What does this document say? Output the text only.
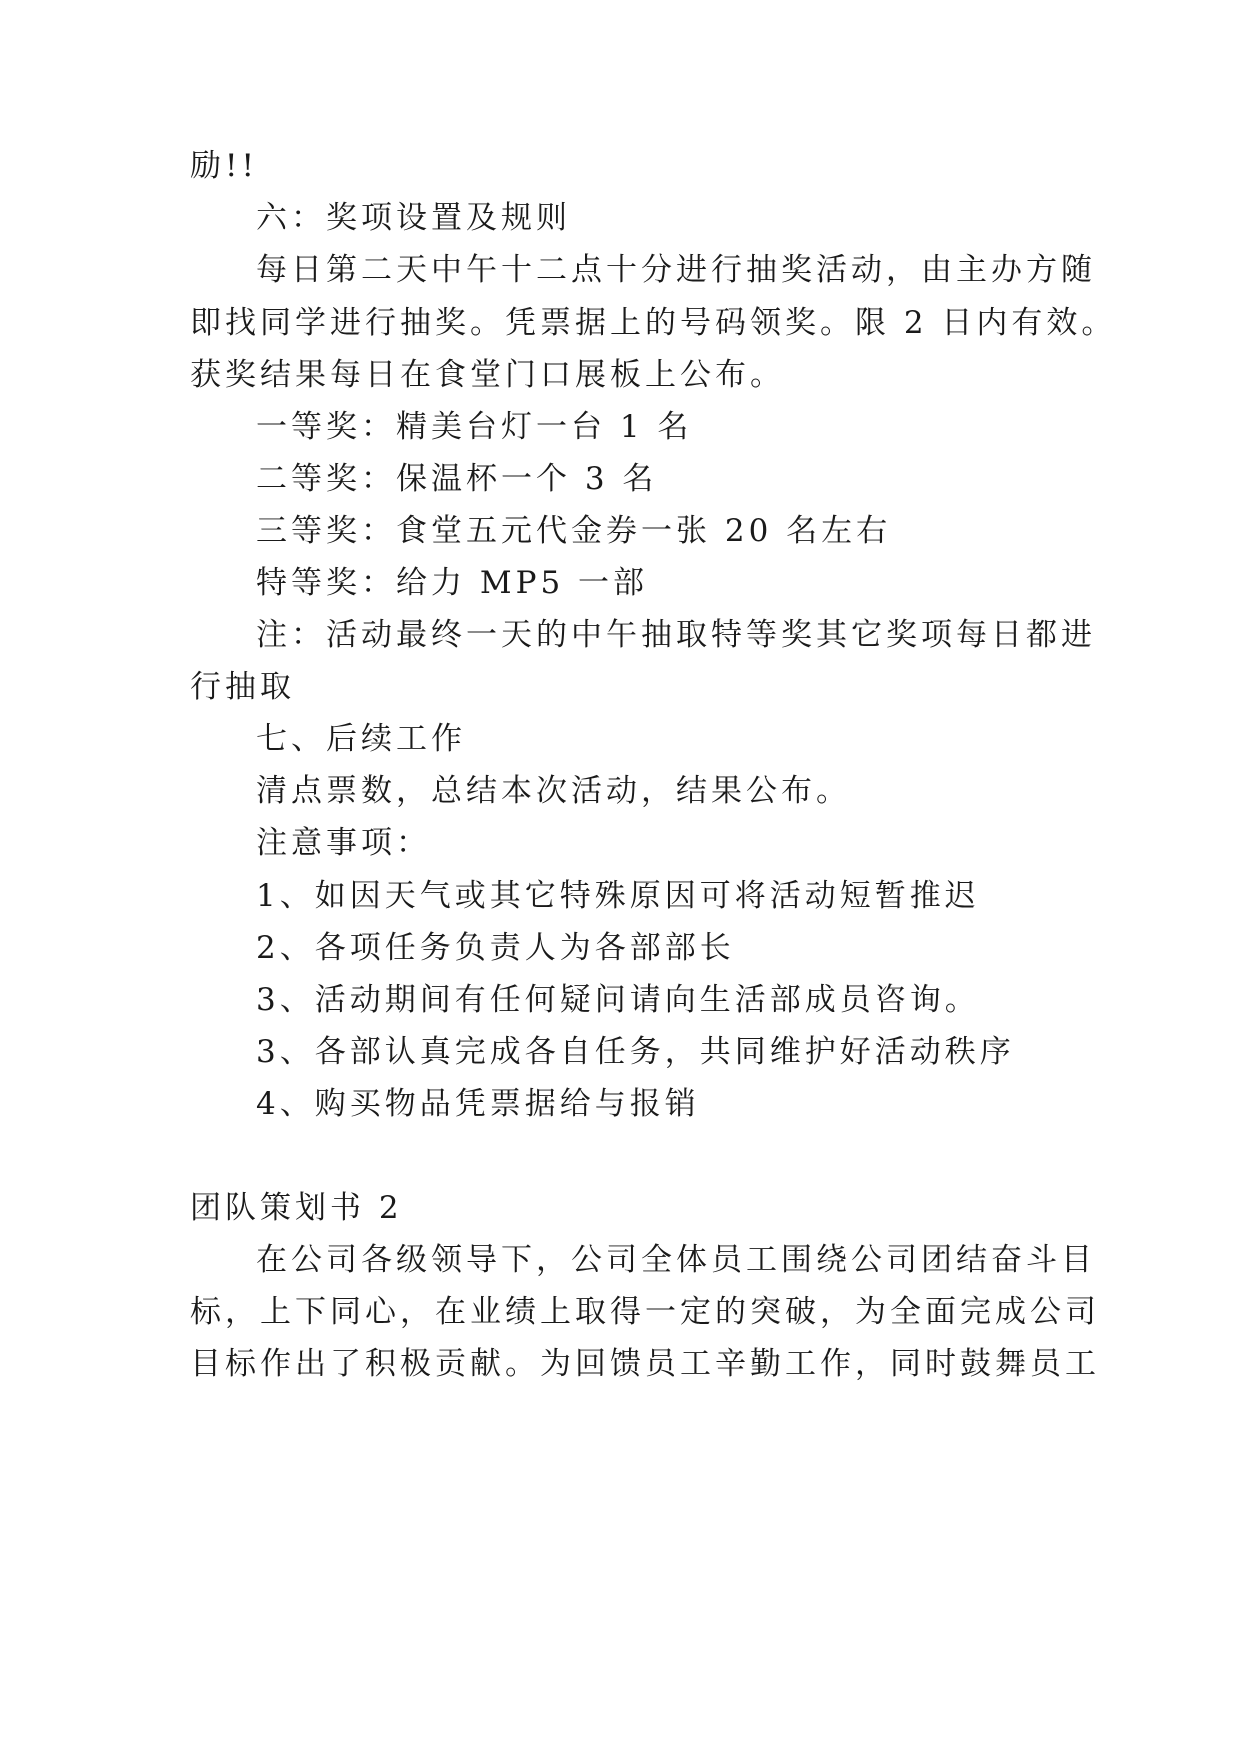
励!!
六：奖项设置及规则
每日第二天中午十二点十分进行抽奖活动，由主办方随
即找同学进行抽奖。凭票据上的号码领奖。限 2 日内有效。
获奖结果每日在食堂门口展板上公布。
一等奖：精美台灯一台 1 名
二等奖：保温杯一个 3 名
三等奖：食堂五元代金券一张 20 名左右
特等奖：给力 MP5 一部
注：活动最终一天的中午抽取特等奖其它奖项每日都进
行抽取
七、后续工作
清点票数，总结本次活动，结果公布。
注意事项：
1、如因天气或其它特殊原因可将活动短暂推迟
2、各项任务负责人为各部部长
3、活动期间有任何疑问请向生活部成员咨询。
3、各部认真完成各自任务，共同维护好活动秩序
4、购买物品凭票据给与报销
团队策划书 2
在公司各级领导下，公司全体员工围绕公司团结奋斗目
标，上下同心，在业绩上取得一定的突破，为全面完成公司
目标作出了积极贡献。为回馈员工辛勤工作，同时鼓舞员工
